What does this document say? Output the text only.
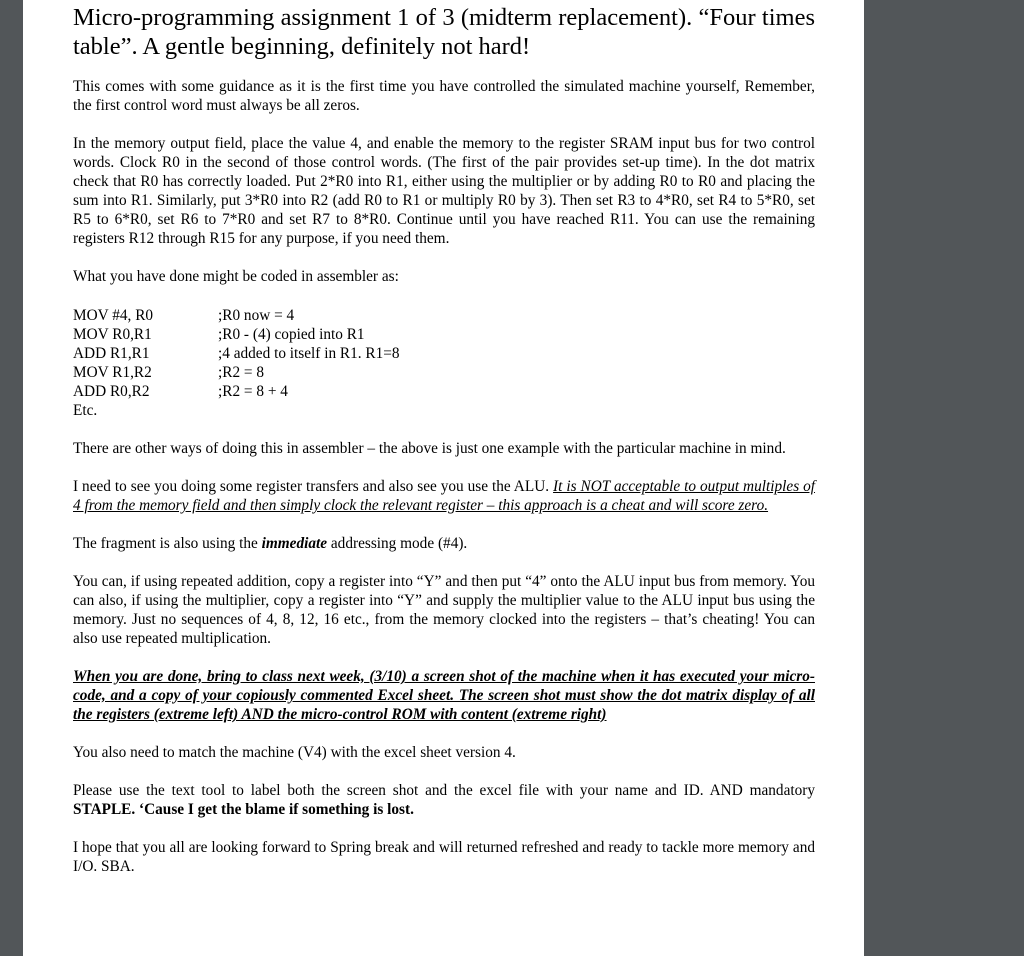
Micro-programming assignment 1 of 3 (midterm replacement). “Four times table”. A gentle beginning, definitely not hard!

This comes with some guidance as it is the first time you have controlled the simulated machine yourself, Remember, the first control word must always be all zeros.

In the memory output field, place the value 4, and enable the memory to the register SRAM input bus for two control words. Clock R0 in the second of those control words. (The first of the pair provides set-up time). In the dot matrix check that R0 has correctly loaded. Put 2*R0 into R1, either using the multiplier or by adding R0 to R0 and placing the sum into R1. Similarly, put 3*R0 into R2 (add R0 to R1 or multiply R0 by 3). Then set R3 to 4*R0, set R4 to 5*R0, set R5 to 6*R0, set R6 to 7*R0 and set R7 to 8*R0. Continue until you have reached R11. You can use the remaining registers R12 through R15 for any purpose, if you need them.

What you have done might be coded in assembler as:

MOV #4, R0	;R0 now = 4
MOV R0,R1	;R0 - (4) copied into R1
ADD R1,R1	;4 added to itself in R1. R1=8
MOV R1,R2	;R2 = 8
ADD R0,R2	;R2 = 8 + 4
Etc.

There are other ways of doing this in assembler – the above is just one example with the particular machine in mind.

I need to see you doing some register transfers and also see you use the ALU. It is NOT acceptable to output multiples of 4 from the memory field and then simply clock the relevant register – this approach is a cheat and will score zero.

The fragment is also using the immediate addressing mode (#4).

You can, if using repeated addition, copy a register into “Y” and then put “4” onto the ALU input bus from memory. You can also, if using the multiplier, copy a register into “Y” and supply the multiplier value to the ALU input bus using the memory. Just no sequences of 4, 8, 12, 16 etc., from the memory clocked into the registers – that’s cheating! You can also use repeated multiplication.

When you are done, bring to class next week, (3/10) a screen shot of the machine when it has executed your micro-code, and a copy of your copiously commented Excel sheet. The screen shot must show the dot matrix display of all the registers (extreme left) AND the micro-control ROM with content (extreme right)

You also need to match the machine (V4) with the excel sheet version 4.

Please use the text tool to label both the screen shot and the excel file with your name and ID. AND mandatory STAPLE. ‘Cause I get the blame if something is lost.

I hope that you all are looking forward to Spring break and will returned refreshed and ready to tackle more memory and I/O. SBA.
